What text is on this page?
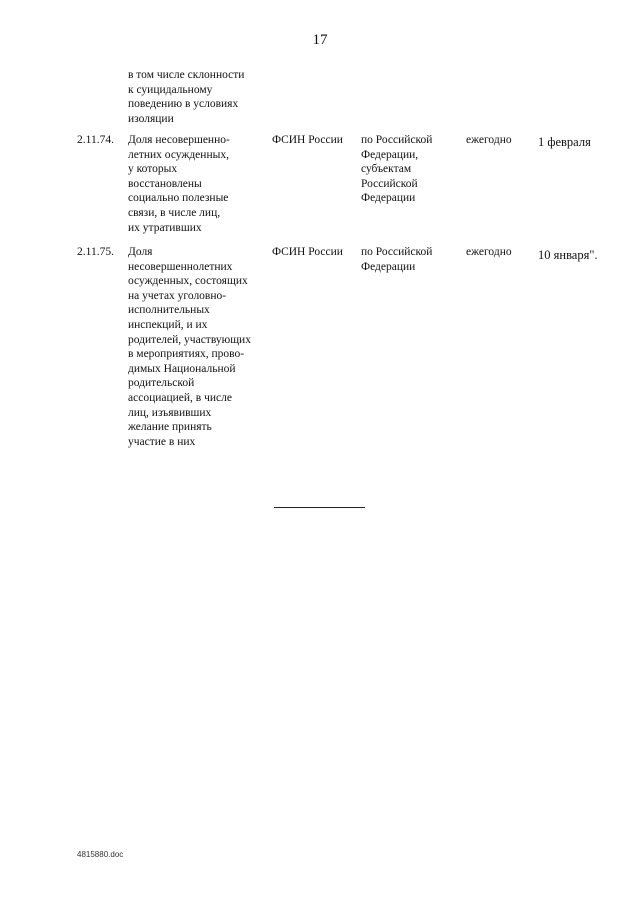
17
в том числе склонности
к суицидальному
поведению в условиях
изоляции
2.11.74. Доля несовершенно-
летних осужденных,
у которых
восстановлены
социально полезные
связи, в числе лиц,
их утративших
ФСИН России по Российской
Федерации,
субъектам
Российской
Федерации
ежегодно 1 февраля
2.11.75. Доля
несовершеннолетних
осужденных, состоящих
на учетах уголовно-
исполнительных
инспекций, и их
родителей, участвующих
в мероприятиях, прово-
димых Национальной
родительской
ассоциацией, в числе
лиц, изъявивших
желание принять
участие в них
ФСИН России по Российской
Федерации
ежегодно 10 января".
4815880.doc
